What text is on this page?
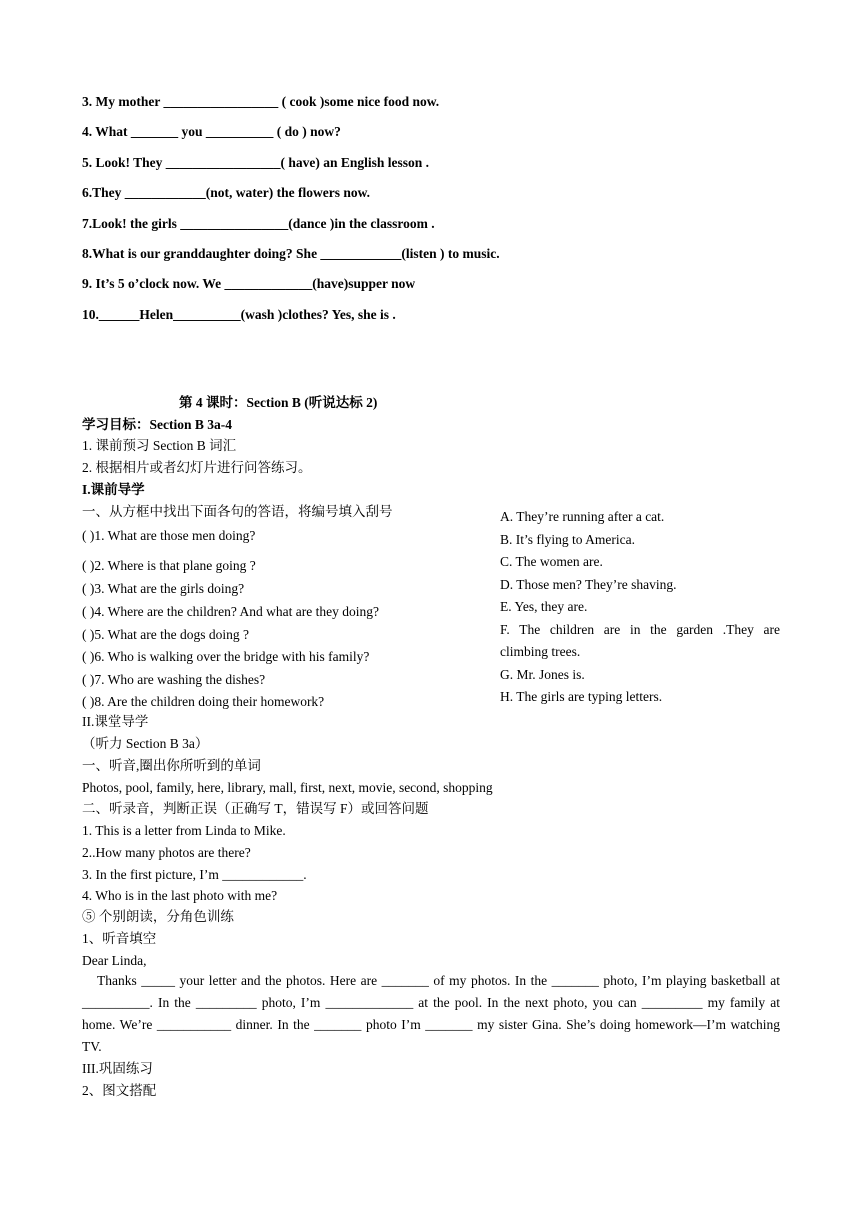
3. My mother _________________ ( cook )some nice food now.
4. What _______ you __________ ( do ) now?
5. Look! They _________________( have) an English lesson .
6.They ____________(not, water) the flowers now.
7.Look! the girls ________________(dance )in the classroom .
8.What is our granddaughter doing? She ____________(listen ) to music.
9. It’s 5 o’clock now. We _____________(have)supper now
10.______Helen__________(wash )clothes? Yes, she is .
第 4 课时：Section B (听说达标 2)
学习目标：Section B 3a-4
1. 课前预习 Section B 词汇
2. 根据相片或者幻灯片进行问答练习。
I.课前导学
一、从方框中找出下面各句的答语，将编号填入刮号
( )1. What are those men doing?
( )2. Where is that plane going ?
( )3. What are the girls doing?
( )4. Where are the children? And what are they doing?
( )5. What are the dogs doing ?
( )6. Who is walking over the bridge with his family?
( )7. Who are washing the dishes?
( )8. Are the children doing their homework?

A. They’re running after a cat.

B. It’s flying to America.

C. The women are.

D. Those men? They’re shaving.

E. Yes, they are.

F. The children are in the garden .They are climbing trees.

G. Mr. Jones is.

H. The girls are typing letters.

II.课堂导学
（听力 Section B 3a）
一、听音,圈出你所听到的单词
Photos, pool, family, here, library, mall, first, next, movie, second, shopping
二、听录音，判断正误（正确写 T，错误写 F）或回答问题
1. This is a letter from Linda to Mike.
2..How many photos are there?
3. In the first picture, I’m ____________.
4. Who is in the last photo with me?
⑤ 个别朗读，分角色训练
1、听音填空
Dear Linda,
Thanks _____ your letter and the photos. Here are _______ of my photos. In the _______ photo, I’m playing basketball at __________. In the _________ photo, I’m _____________ at the pool. In the next photo, you can _________ my family at home. We’re ___________ dinner. In the _______ photo I’m _______ my sister Gina. She’s doing homework—I’m watching TV.
III.巩固练习
2、图文搭配
